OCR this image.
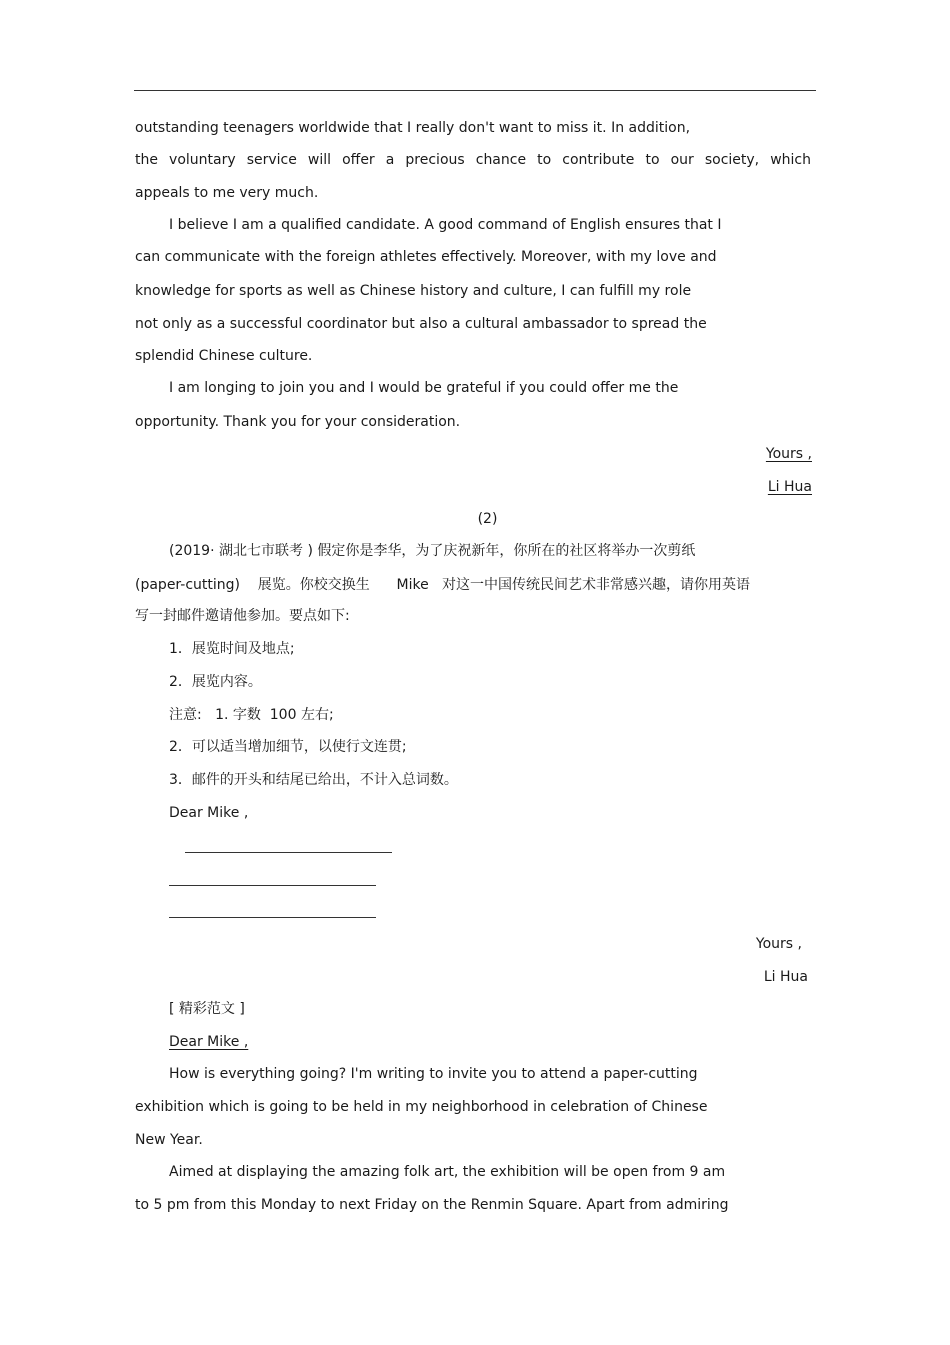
outstanding teenagers worldwide that I really don't want to miss it. In addition,
the voluntary service will offer a precious chance to contribute to our society, which
appeals to me very much.
I believe I am a qualified candidate. A good command of English ensures that I
can communicate with the foreign athletes effectively. Moreover, with my love and
knowledge for sports as well as Chinese history and culture, I can fulfill my role
not only as a successful coordinator but also a cultural ambassador to spread the
splendid Chinese culture.
I am longing to join you and I would be grateful if you could offer me the
opportunity. Thank you for your consideration.
Yours ,
Li Hua
(2)
(2019· 湖北七市联考 ) 假定你是李华，为了庆祝新年，你所在的社区将举办一次剪纸
(paper-cutting)    展览。你校交换生      Mike   对这一中国传统民间艺术非常感兴趣，请你用英语
写一封邮件邀请他参加。要点如下:
1．展览时间及地点;
2．展览内容。
注意:   1. 字数  100 左右;
2．可以适当增加细节，以使行文连贯;
3．邮件的开头和结尾已给出，不计入总词数。
Dear Mike ,
Yours ,
Li Hua
[ 精彩范文 ]
Dear Mike ,
How is everything going? I'm writing to invite you to attend a paper-cutting
exhibition which is going to be held in my neighborhood in celebration of Chinese
New Year.
Aimed at displaying the amazing folk art, the exhibition will be open from 9 am
to 5 pm from this Monday to next Friday on the Renmin Square. Apart from admiring
